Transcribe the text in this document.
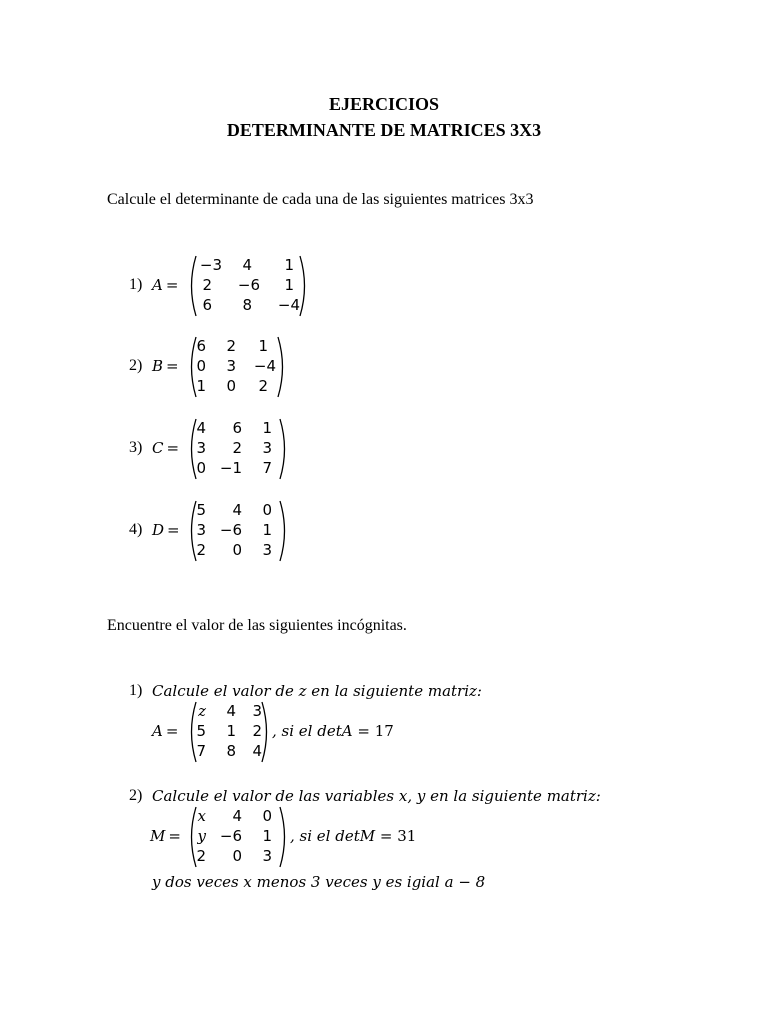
EJERCICIOS
DETERMINANTE DE MATRICES 3X3
Calcule el determinante de cada una de las siguientes matrices 3x3
1) A =
−3	4	1
2	−6	1
6	8	−4
2) B =
6	2	1
0	3	−4
1	0	2
3) C =
4	6	1
3	2	3
0 −1	7
4) D =
5	4	0
3 −6	1
2	0	3
Encuentre el valor de las siguientes incógnitas.
1) Calcule el valor de z en la siguiente matriz:
A =
z	4	3
5	1	2
7	8	4
, si el detA = 17
2) Calcule el valor de las variables x, y en la siguiente matriz:
M =
x	4	0
y −6	1
2	0	3
, si el detM = 31
y dos veces x menos 3 veces y es igial a − 8
